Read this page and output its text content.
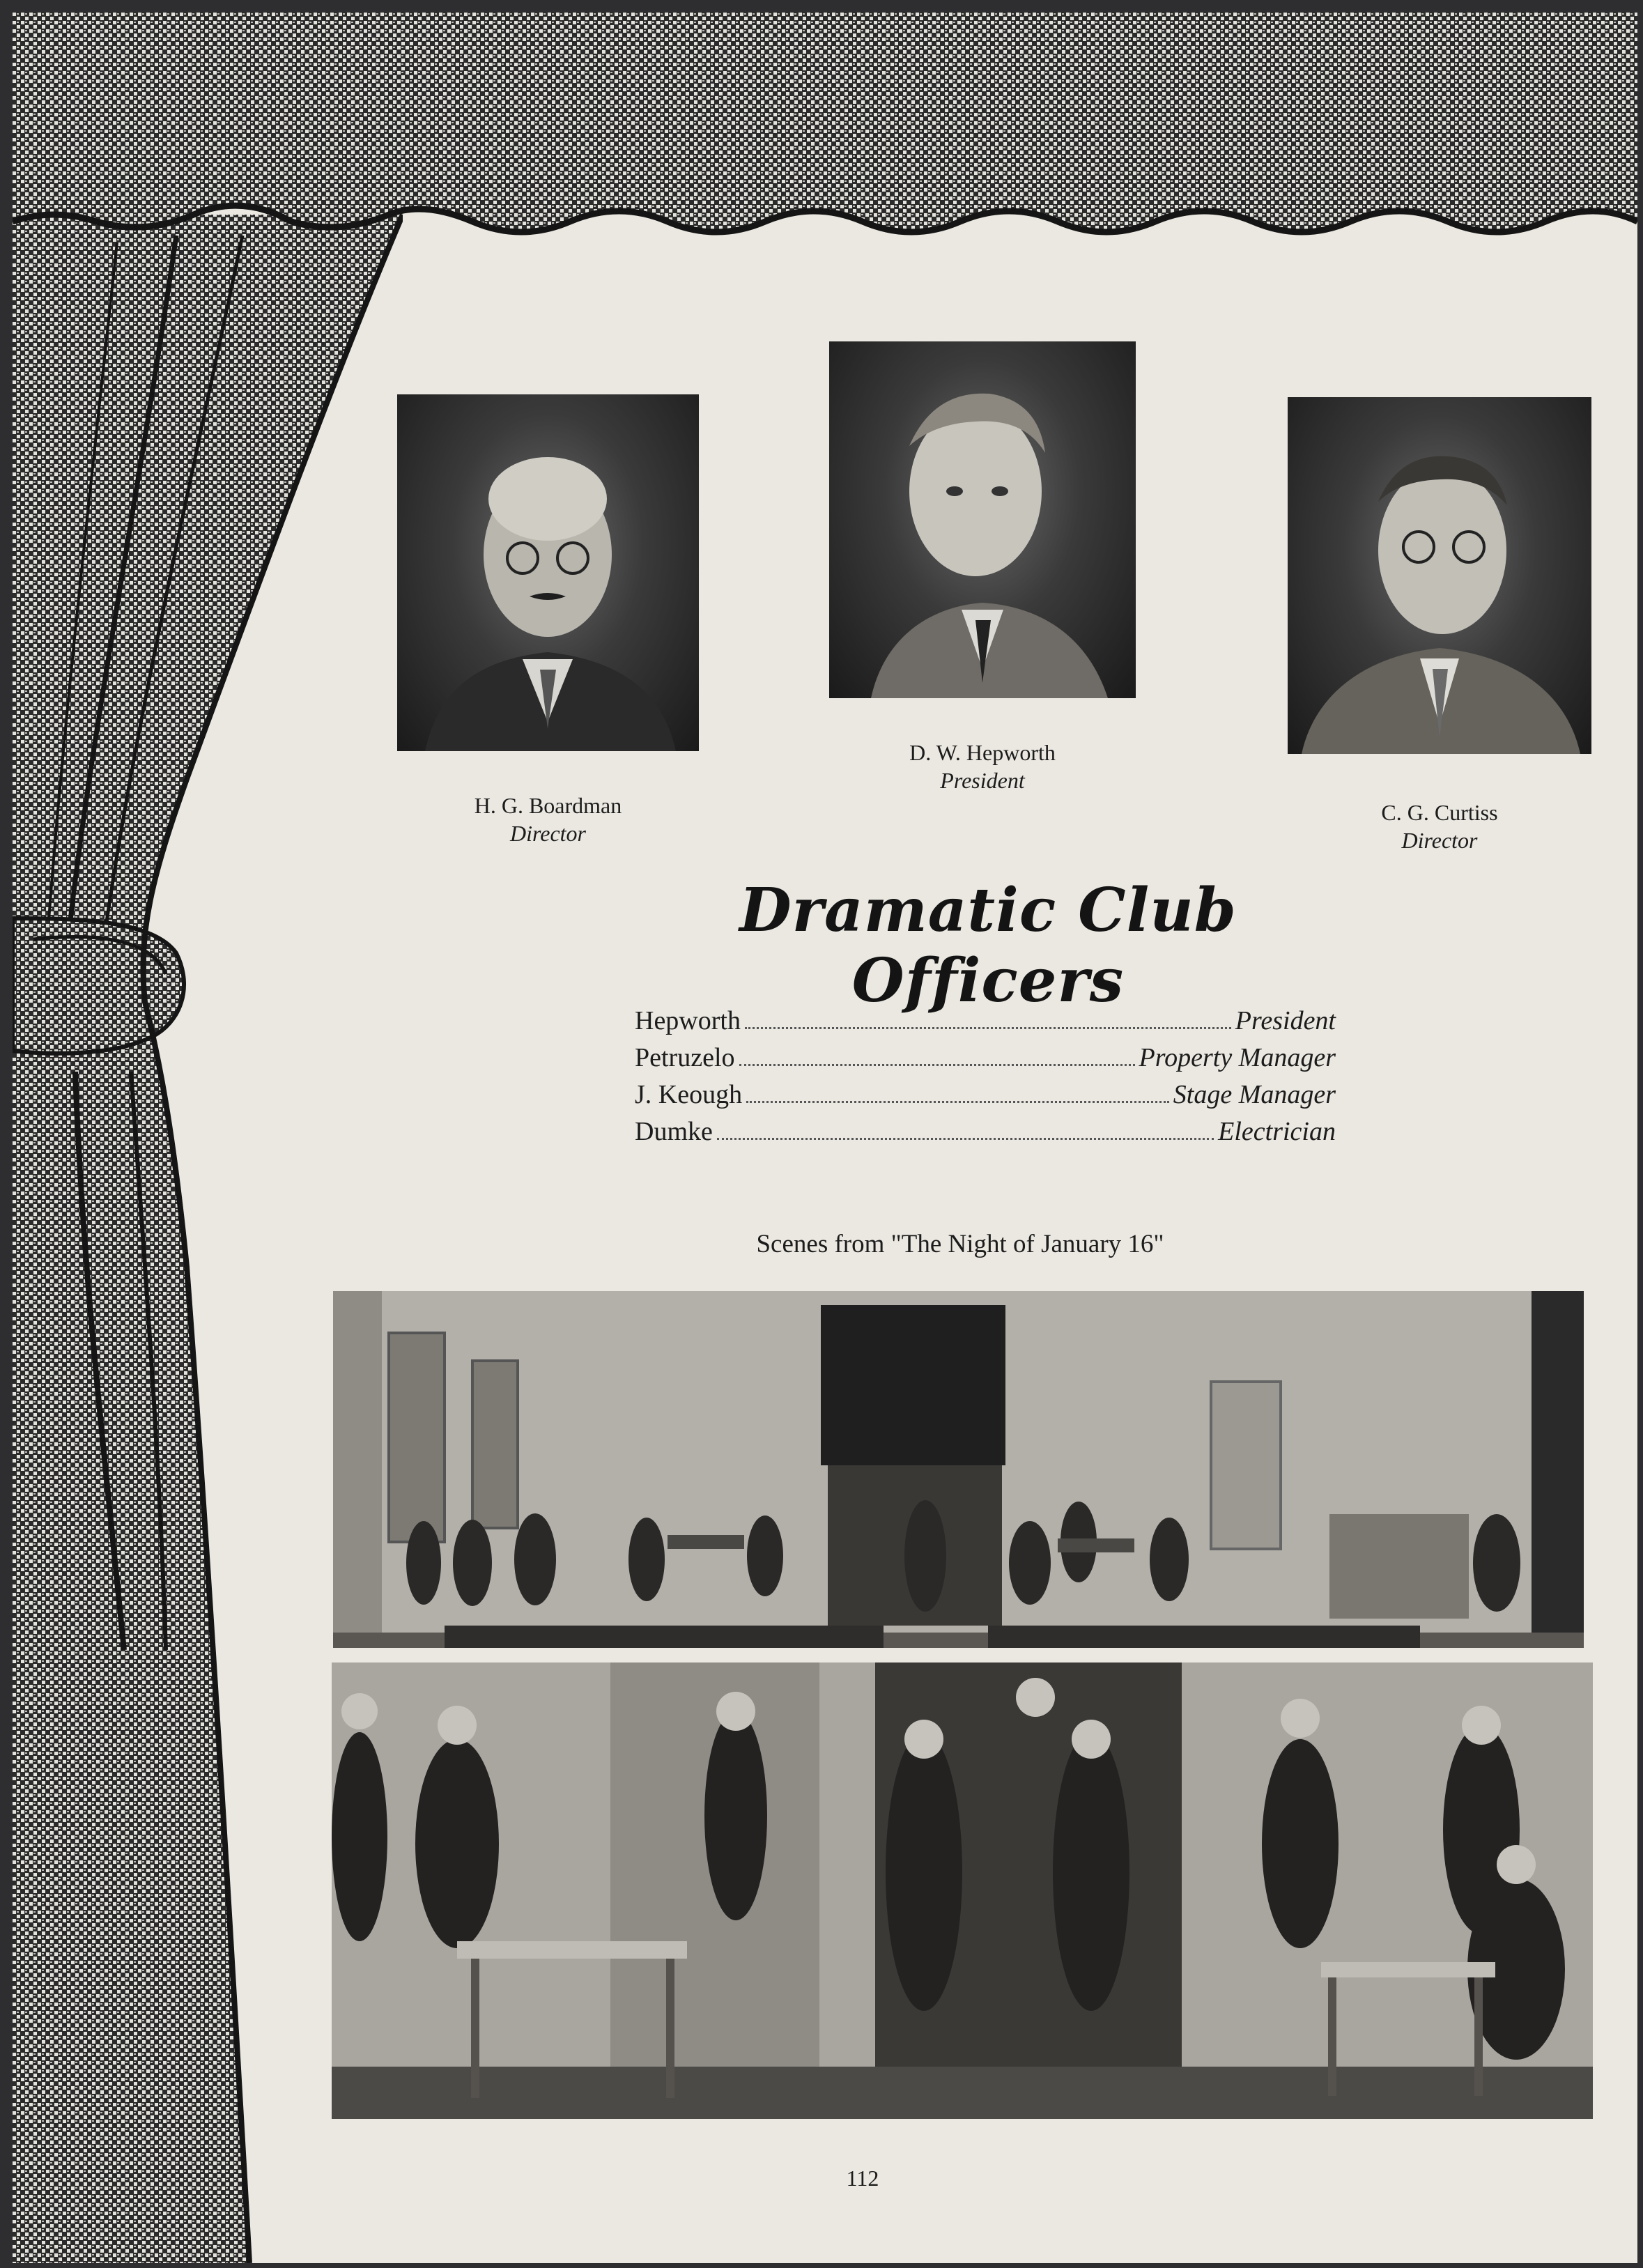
H. G. Boardman
Director
D. W. Hepworth
President
C. G. Curtiss
Director
Dramatic Club Officers
Hepworth	President
Petruzelo	Property Manager
J. Keough	Stage Manager
Dumke	Electrician
Scenes from "The Night of January 16"
112
